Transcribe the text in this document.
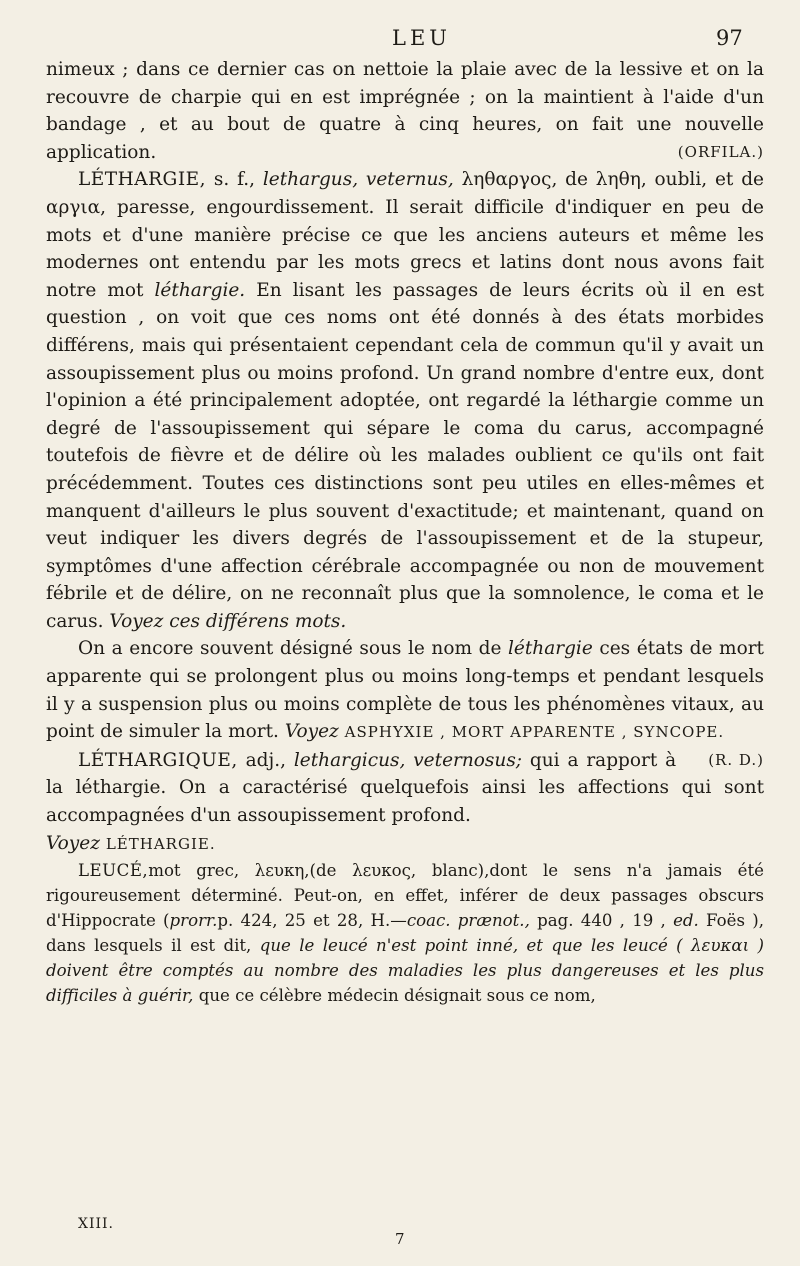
LEU	97

nimeux ; dans ce dernier cas on nettoie la plaie avec de la lessive et on la recouvre de charpie qui en est imprégnée ; on la maintient à l'aide d'un bandage , et au bout de quatre à cinq heures, on fait une nouvelle application.	(ORFILA.)

LÉTHARGIE, s. f., lethargus, veternus, ληθαργος, de ληθη, oubli, et de αργια, paresse, engourdissement. Il serait difficile d'indiquer en peu de mots et d'une manière précise ce que les anciens auteurs et même les modernes ont entendu par les mots grecs et latins dont nous avons fait notre mot léthargie. En lisant les passages de leurs écrits où il en est question , on voit que ces noms ont été donnés à des états morbides différens, mais qui présentaient cependant cela de commun qu'il y avait un assoupissement plus ou moins profond. Un grand nombre d'entre eux, dont l'opinion a été principalement adoptée, ont regardé la léthargie comme un degré de l'assoupissement qui sépare le coma du carus, accompagné toutefois de fièvre et de délire où les malades oublient ce qu'ils ont fait précédemment. Toutes ces distinctions sont peu utiles en elles-mêmes et manquent d'ailleurs le plus souvent d'exactitude; et maintenant, quand on veut indiquer les divers degrés de l'assoupissement et de la stupeur, symptômes d'une affection cérébrale accompagnée ou non de mouvement fébrile et de délire, on ne reconnaît plus que la somnolence, le coma et le carus. Voyez ces différens mots.

On a encore souvent désigné sous le nom de léthargie ces états de mort apparente qui se prolongent plus ou moins long-temps et pendant lesquels il y a suspension plus ou moins complète de tous les phénomènes vitaux, au point de simuler la mort. Voyez ASPHYXIE , MORT APPARENTE , SYNCOPE.
(R. D.)

LÉTHARGIQUE, adj., lethargicus, veternosus; qui a rapport à la léthargie. On a caractérisé quelquefois ainsi les affections qui sont accompagnées d'un assoupissement profond.
Voyez LÉTHARGIE.

LEUCÉ,mot grec, λευκη,(de λευκος, blanc),dont le sens n'a jamais été rigoureusement déterminé. Peut-on, en effet, inférer de deux passages obscurs d'Hippocrate (prorr.p. 424, 25 et 28, H.—coac. prænot., pag. 440 , 19 , ed. Foës ), dans lesquels il est dit, que le leucé n'est point inné, et que les leucé ( λευκαι ) doivent être comptés au nombre des maladies les plus dangereuses et les plus difficiles à guérir, que ce célèbre médecin désignait sous ce nom,

XIII.
7
